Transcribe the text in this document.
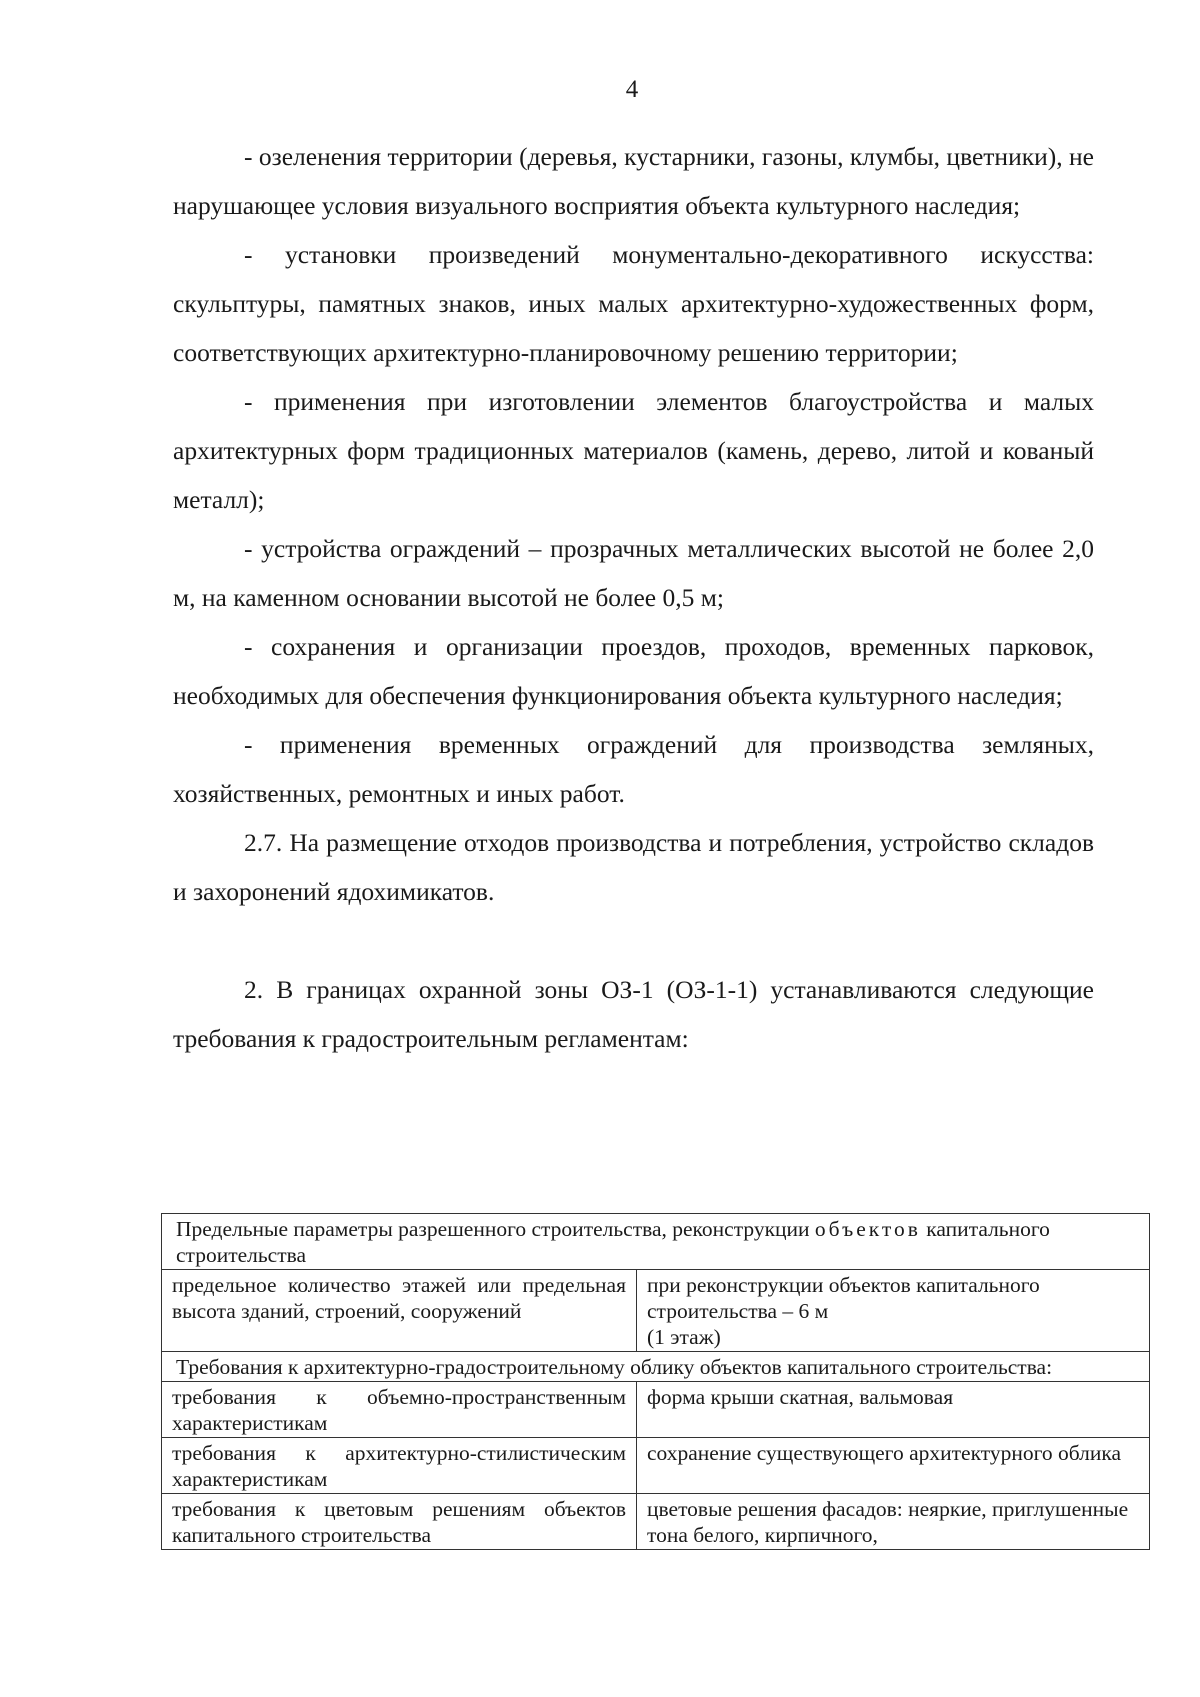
4

- озеленения территории (деревья, кустарники, газоны, клумбы, цветники), не нарушающее условия визуального восприятия объекта культурного наследия;

- установки произведений монументально-декоративного искусства: скульптуры, памятных знаков, иных малых архитектурно-художественных форм, соответствующих архитектурно-планировочному решению территории;

- применения при изготовлении элементов благоустройства и малых архитектурных форм традиционных материалов (камень, дерево, литой и кованый металл);

- устройства ограждений – прозрачных металлических высотой не более 2,0 м, на каменном основании высотой не более 0,5 м;

- сохранения и организации проездов, проходов, временных парковок, необходимых для обеспечения функционирования объекта культурного наследия;

- применения временных ограждений для производства земляных, хозяйственных, ремонтных и иных работ.

2.7. На размещение отходов производства и потребления, устройство складов и захоронений ядохимикатов.

2. В границах охранной зоны ОЗ-1 (ОЗ-1-1) устанавливаются следующие требования к градостроительным регламентам:

Предельные параметры разрешенного строительства, реконструкции объектов капитального строительства	
предельное количество этажей или предельная высота зданий, строений, сооружений	при реконструкции объектов капитального строительства – 6 м
(1 этаж)

Требования к архитектурно-градостроительному облику объектов капитального строительства:	
требования к объемно-пространственным характеристикам	форма крыши скатная, вальмовая
требования к архитектурно-стилистическим характеристикам	сохранение существующего архитектурного облика
требования к цветовым решениям объектов капитального строительства	цветовые решения фасадов: неяркие, приглушенные тона белого, кирпичного,
